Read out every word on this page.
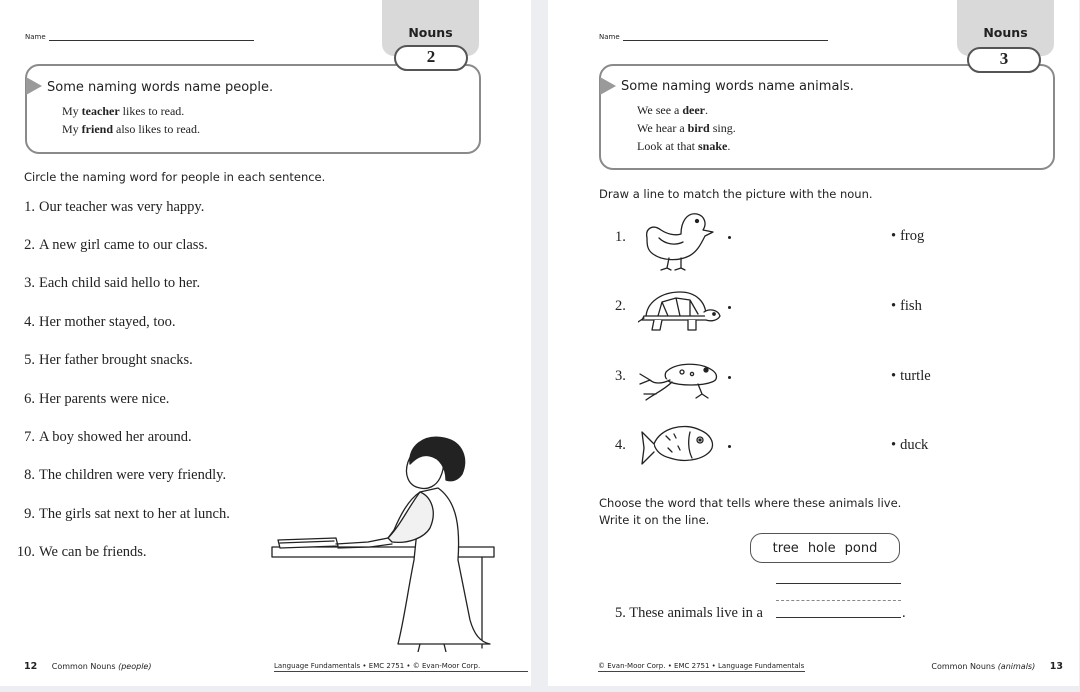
Name	Nouns
2
Some naming words name people.
My teacher likes to read.
My friend also likes to read.
Circle the naming word for people in each sentence.
1. Our teacher was very happy.
2. A new girl came to our class.
3. Each child said hello to her.
4. Her mother stayed, too.
5. Her father brought snacks.
6. Her parents were nice.
7. A boy showed her around.
8. The children were very friendly.
9. The girls sat next to her at lunch.
10. We can be friends.
12 Common Nouns (people)	Language Fundamentals • EMC 2751 • © Evan-Moor Corp.
Name	Nouns
3
Some naming words name animals.
We see a deer.
We hear a bird sing.
Look at that snake.
Draw a line to match the picture with the noun.
1.	• frog
2.	• fish
3.	• turtle
4.	• duck
Choose the word that tells where these animals live.
Write it on the line.
tree hole pond
5. These animals live in a	.
© Evan-Moor Corp. • EMC 2751 • Language Fundamentals	Common Nouns (animals) 13
